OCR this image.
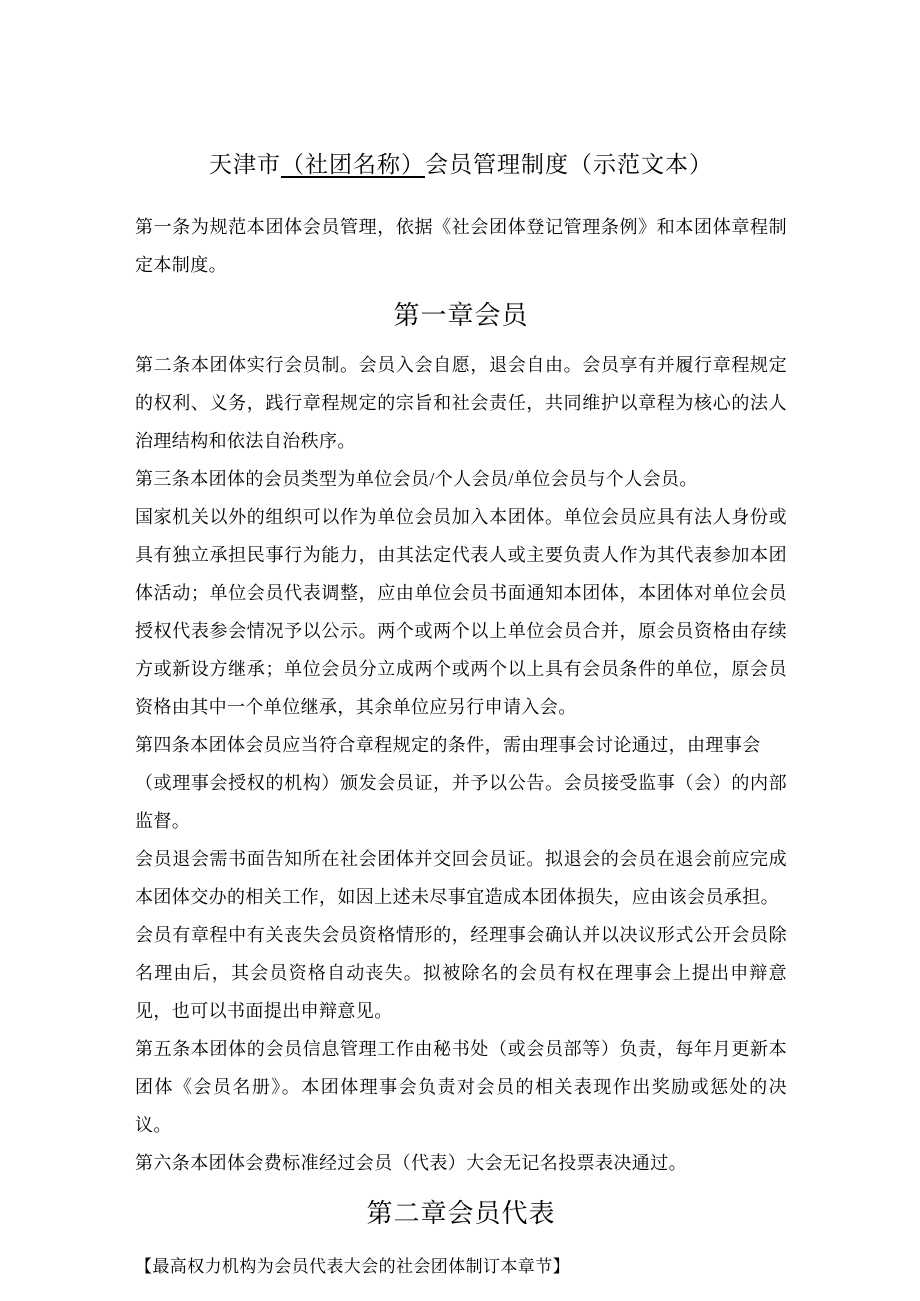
天津市（社团名称）会员管理制度（示范文本）

第一条为规范本团体会员管理，依据《社会团体登记管理条例》和本团体章程制定本制度。

第一章会员

第二条本团体实行会员制。会员入会自愿，退会自由。会员享有并履行章程规定的权利、义务，践行章程规定的宗旨和社会责任，共同维护以章程为核心的法人治理结构和依法自治秩序。

第三条本团体的会员类型为单位会员/个人会员/单位会员与个人会员。

国家机关以外的组织可以作为单位会员加入本团体。单位会员应具有法人身份或具有独立承担民事行为能力，由其法定代表人或主要负责人作为其代表参加本团体活动；单位会员代表调整，应由单位会员书面通知本团体，本团体对单位会员授权代表参会情况予以公示。两个或两个以上单位会员合并，原会员资格由存续方或新设方继承；单位会员分立成两个或两个以上具有会员条件的单位，原会员资格由其中一个单位继承，其余单位应另行申请入会。

第四条本团体会员应当符合章程规定的条件，需由理事会讨论通过，由理事会

（或理事会授权的机构）颁发会员证，并予以公告。会员接受监事（会）的内部监督。

会员退会需书面告知所在社会团体并交回会员证。拟退会的会员在退会前应完成本团体交办的相关工作，如因上述未尽事宜造成本团体损失，应由该会员承担。

会员有章程中有关丧失会员资格情形的，经理事会确认并以决议形式公开会员除名理由后，其会员资格自动丧失。拟被除名的会员有权在理事会上提出申辩意见，也可以书面提出申辩意见。

第五条本团体的会员信息管理工作由秘书处（或会员部等）负责，每年月更新本团体《会员名册》。本团体理事会负责对会员的相关表现作出奖励或惩处的决议。

第六条本团体会费标准经过会员（代表）大会无记名投票表决通过。

第二章会员代表

【最高权力机构为会员代表大会的社会团体制订本章节】
